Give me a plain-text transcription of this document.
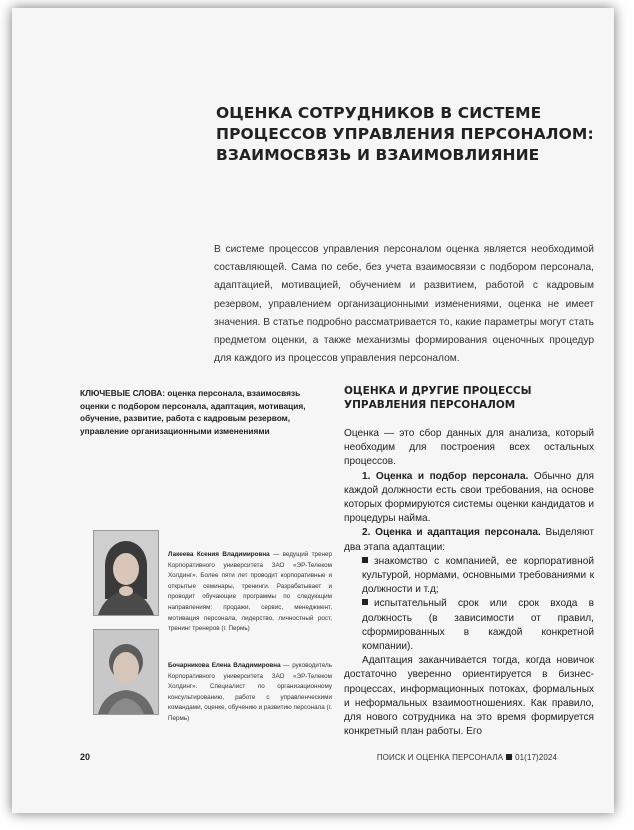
ОЦЕНКА СОТРУДНИКОВ В СИСТЕМЕ
ПРОЦЕССОВ УПРАВЛЕНИЯ ПЕРСОНАЛОМ:
ВЗАИМОСВЯЗЬ И ВЗАИМОВЛИЯНИЕ
В системе процессов управления персоналом оценка является необходимой составляющей. Сама по себе, без учета взаимосвязи с подбором персонала, адаптацией, мотивацией, обучением и развитием, работой с кадровым резервом, управлением организационными изменениями, оценка не имеет значения. В статье подробно рассматривается то, какие параметры могут стать предметом оценки, а также механизмы формирования оценочных процедур для каждого из процессов управления персоналом.
КЛЮЧЕВЫЕ СЛОВА: оценка персонала, взаимосвязь оценки с подбором персонала, адаптация, мотивация, обучение, развитие, работа с кадровым резервом, управление организационными изменениями
ОЦЕНКА И ДРУГИЕ ПРОЦЕССЫ УПРАВЛЕНИЯ ПЕРСОНАЛОМ

Оценка — это сбор данных для анализа, который необходим для построения всех остальных процессов.

1. Оценка и подбор персонала. Обычно для каждой должности есть свои требования, на основе которых формируются системы оценки кандидатов и процедуры найма.

2. Оценка и адаптация персонала. Выделяют два этапа адаптации:

знакомство с компанией, ее корпоративной культурой, нормами, основными требованиями к должности и т.д;

испытательный срок или срок входа в должность (в зависимости от правил, сформированных в каждой конкретной компании).

Адаптация заканчивается тогда, когда новичок достаточно уверенно ориентируется в бизнес-процессах, информационных потоках, формальных и неформальных взаимоотношениях. Как правило, для нового сотрудника на это время формируется конкретный план работы. Его

Лакеева Ксения Владимировна — ведущий тренер Корпоративного университета ЗАО «ЭР-Телеком Холдинг». Более пяти лет проводит корпоративные и открытые семинары, тренинги. Разрабатывает и проводит обучающие программы по следующим направлениям: продажи, сервис, менеджмент, мотивация персонала, лидерство, личностный рост, тренинг тренеров (г. Пермь)
Бочарникова Елена Владимировна — руководитель Корпоративного университета ЗАО «ЭР-Телеком Холдинг». Специалист по организационному консультированию, работе с управленческими командами, оценке, обучению и развитию персонала (г. Пермь)
20	ПОИСК И ОЦЕНКА ПЕРСОНАЛА 01(17)2024
